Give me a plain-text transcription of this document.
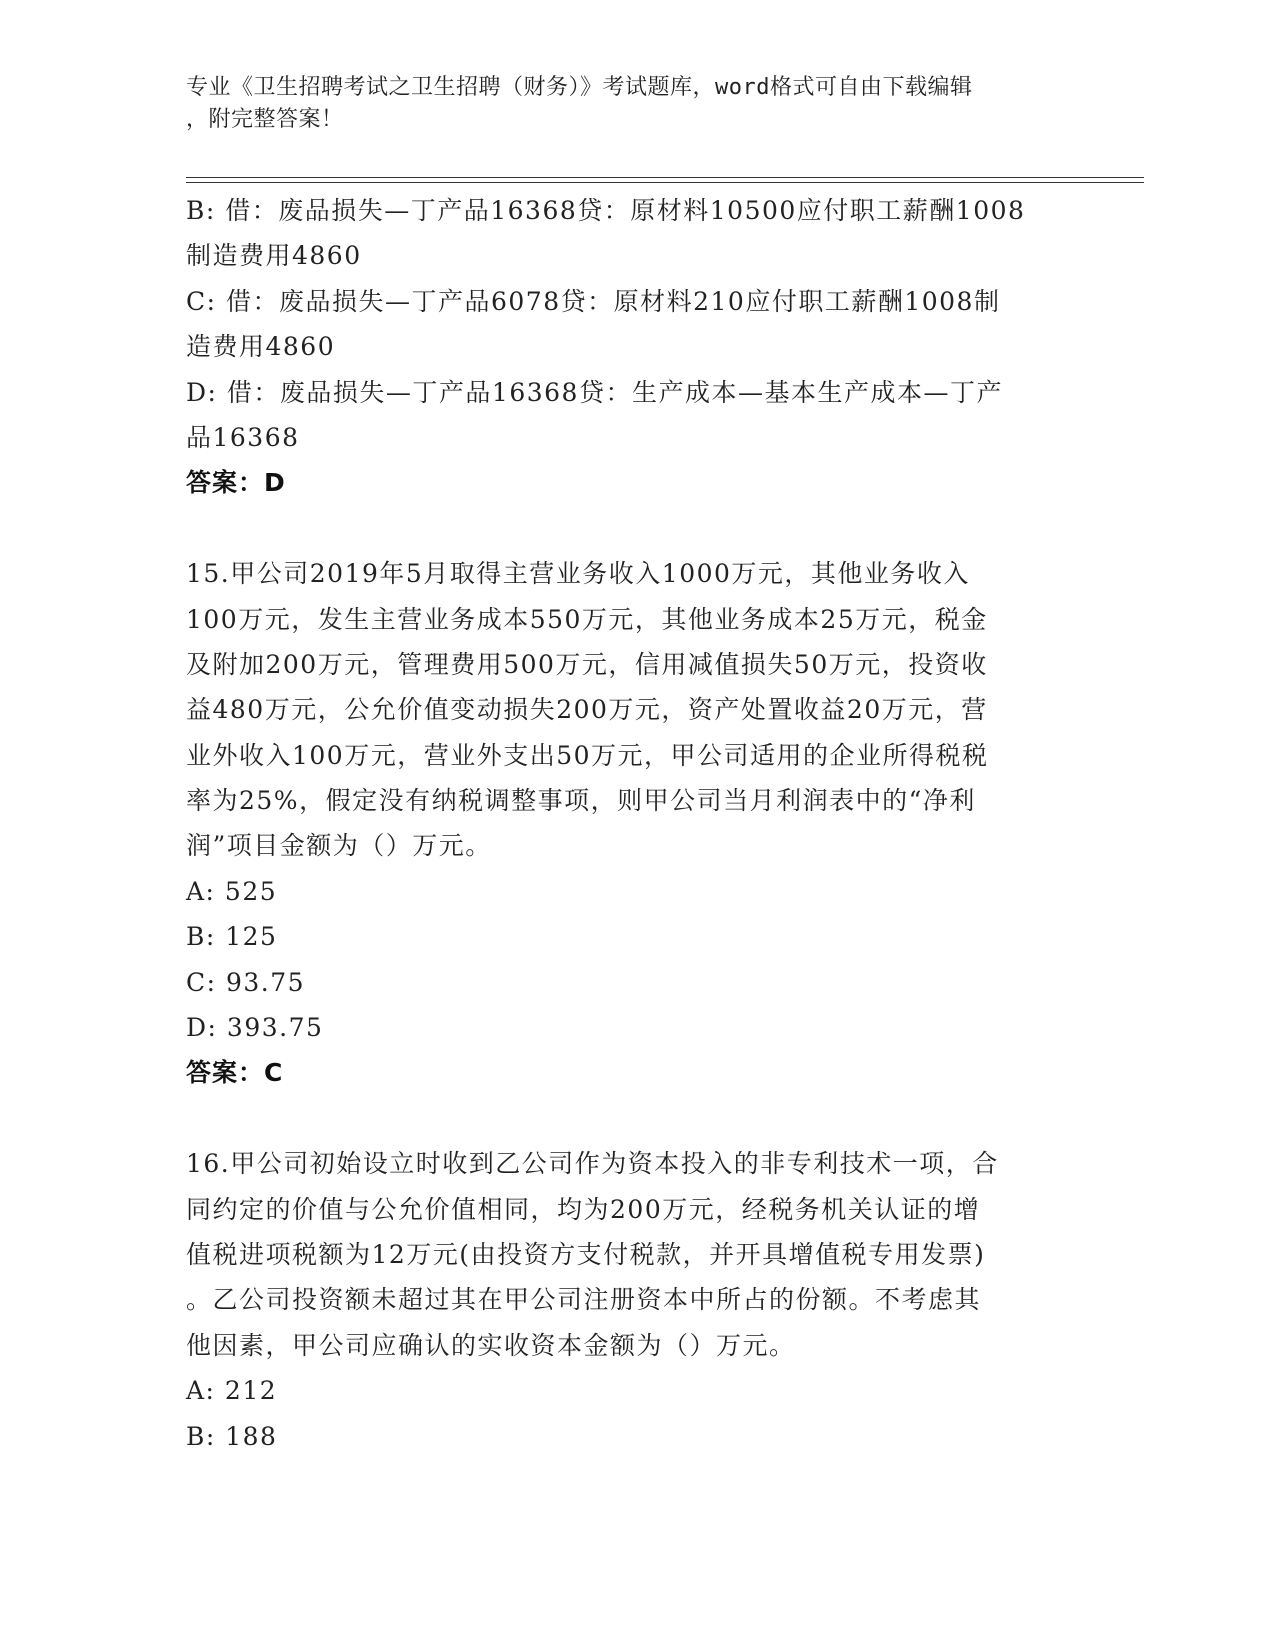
专业《卫生招聘考试之卫生招聘（财务）》考试题库，word格式可自由下载编辑
，附完整答案！
B: 借：废品损失—丁产品16368贷：原材料10500应付职工薪酬1008
制造费用4860
C: 借：废品损失—丁产品6078贷：原材料210应付职工薪酬1008制
造费用4860
D: 借：废品损失—丁产品16368贷：生产成本—基本生产成本—丁产
品16368
答案：D
15.甲公司2019年5月取得主营业务收入1000万元，其他业务收入
100万元，发生主营业务成本550万元，其他业务成本25万元，税金
及附加200万元，管理费用500万元，信用减值损失50万元，投资收
益480万元，公允价值变动损失200万元，资产处置收益20万元，营
业外收入100万元，营业外支出50万元，甲公司适用的企业所得税税
率为25%，假定没有纳税调整事项，则甲公司当月利润表中的“净利
润”项目金额为（）万元。
A: 525
B: 125
C: 93.75
D: 393.75
答案：C
16.甲公司初始设立时收到乙公司作为资本投入的非专利技术一项，合
同约定的价值与公允价值相同，均为200万元，经税务机关认证的增
值税进项税额为12万元(由投资方支付税款，并开具增值税专用发票)
。乙公司投资额未超过其在甲公司注册资本中所占的份额。不考虑其
他因素，甲公司应确认的实收资本金额为（）万元。
A: 212
B: 188
